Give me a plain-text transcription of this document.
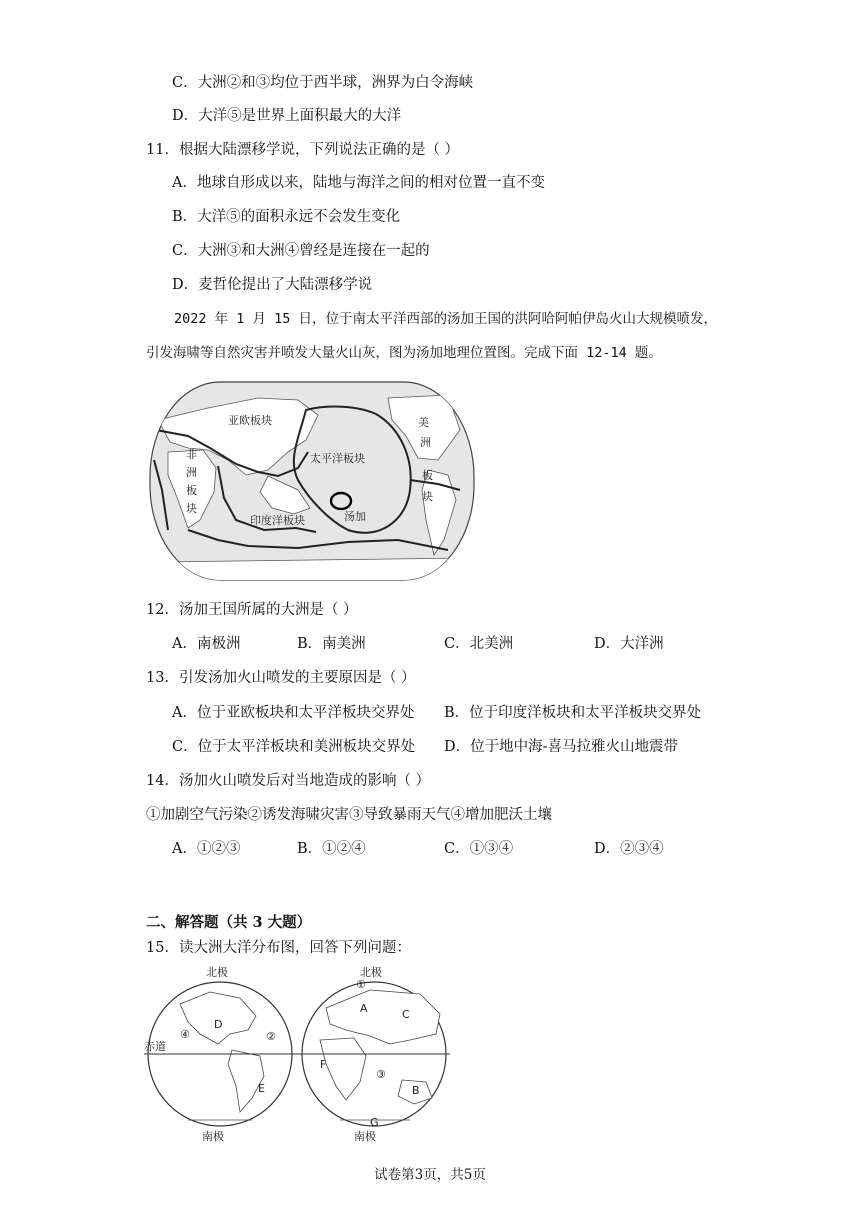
C．大洲②和③均位于西半球，洲界为白令海峡
D．大洋⑤是世界上面积最大的大洋
11．根据大陆漂移学说，下列说法正确的是（ ）
A．地球自形成以来，陆地与海洋之间的相对位置一直不变
B．大洋⑤的面积永远不会发生变化
C．大洲③和大洲④曾经是连接在一起的
D．麦哲伦提出了大陆漂移学说
2022 年 1 月 15 日，位于南太平洋西部的汤加王国的洪阿哈阿帕伊岛火山大规模喷发，引发海啸等自然灾害并喷发大量火山灰，图为汤加地理位置图。完成下面 12-14 题。
亚欧板块
非
洲
板
块
太平洋板块
印度洋板块	汤加
美
洲
板
块
12．汤加王国所属的大洲是（ ）
A．南极洲	B．南美洲	C．北美洲	D．大洋洲
13．引发汤加火山喷发的主要原因是（ ）
A．位于亚欧板块和太平洋板块交界处 B．位于印度洋板块和太平洋板块交界处
C．位于太平洋板块和美洲板块交界处 D．位于地中海-喜马拉雅火山地震带
14．汤加火山喷发后对当地造成的影响（ ）
①加剧空气污染②诱发海啸灾害③导致暴雨天气④增加肥沃土壤
A．①②③	B．①②④	C．①③④	D．②③④
二、解答题（共 3 大题）
15．读大洲大洋分布图，回答下列问题：
北极	北极
南极	南极
赤道
D
E
④	②
①
A	C
F
③
B
G
试卷第3页，共5页
